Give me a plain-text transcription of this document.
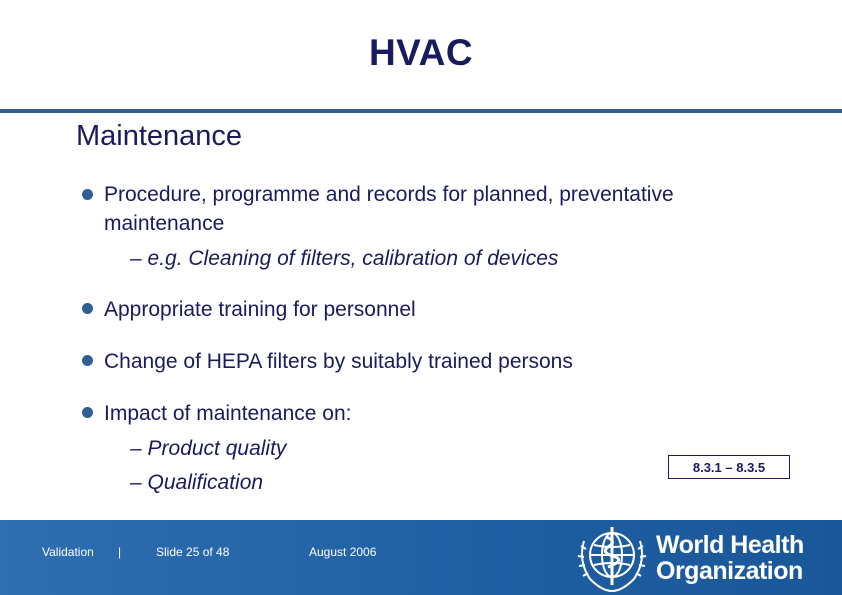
HVAC
Maintenance
Procedure, programme and records for planned, preventative
maintenance
– e.g. Cleaning of filters, calibration of devices
Appropriate training for personnel
Change of HEPA filters by suitably trained persons
Impact of maintenance on:
– Product quality
– Qualification
8.3.1 – 8.3.5
Validation |	Slide 25 of 48	August 2006	World Health
Organization
